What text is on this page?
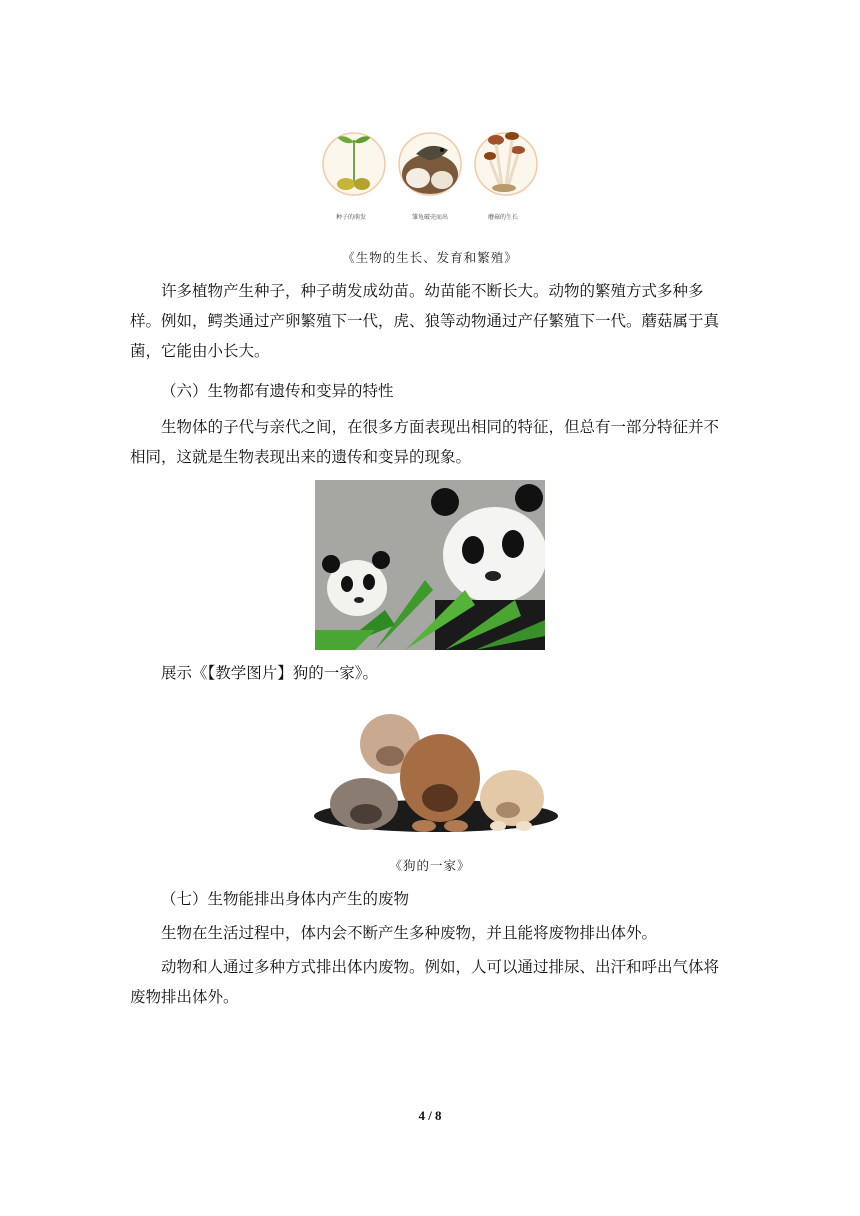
种子的萌发	雏龟破壳而出	蘑菇的生长
《生物的生长、发育和繁殖》
许多植物产生种子，种子萌发成幼苗。幼苗能不断长大。动物的繁殖方式多种多样。例如，鳄类通过产卵繁殖下一代，虎、狼等动物通过产仔繁殖下一代。蘑菇属于真菌，它能由小长大。
（六）生物都有遗传和变异的特性
生物体的子代与亲代之间，在很多方面表现出相同的特征，但总有一部分特征并不相同，这就是生物表现出来的遗传和变异的现象。
展示《【教学图片】狗的一家》。
《狗的一家》
（七）生物能排出身体内产生的废物
生物在生活过程中，体内会不断产生多种废物，并且能将废物排出体外。
动物和人通过多种方式排出体内废物。例如，人可以通过排尿、出汗和呼出气体将废物排出体外。
4 / 8
